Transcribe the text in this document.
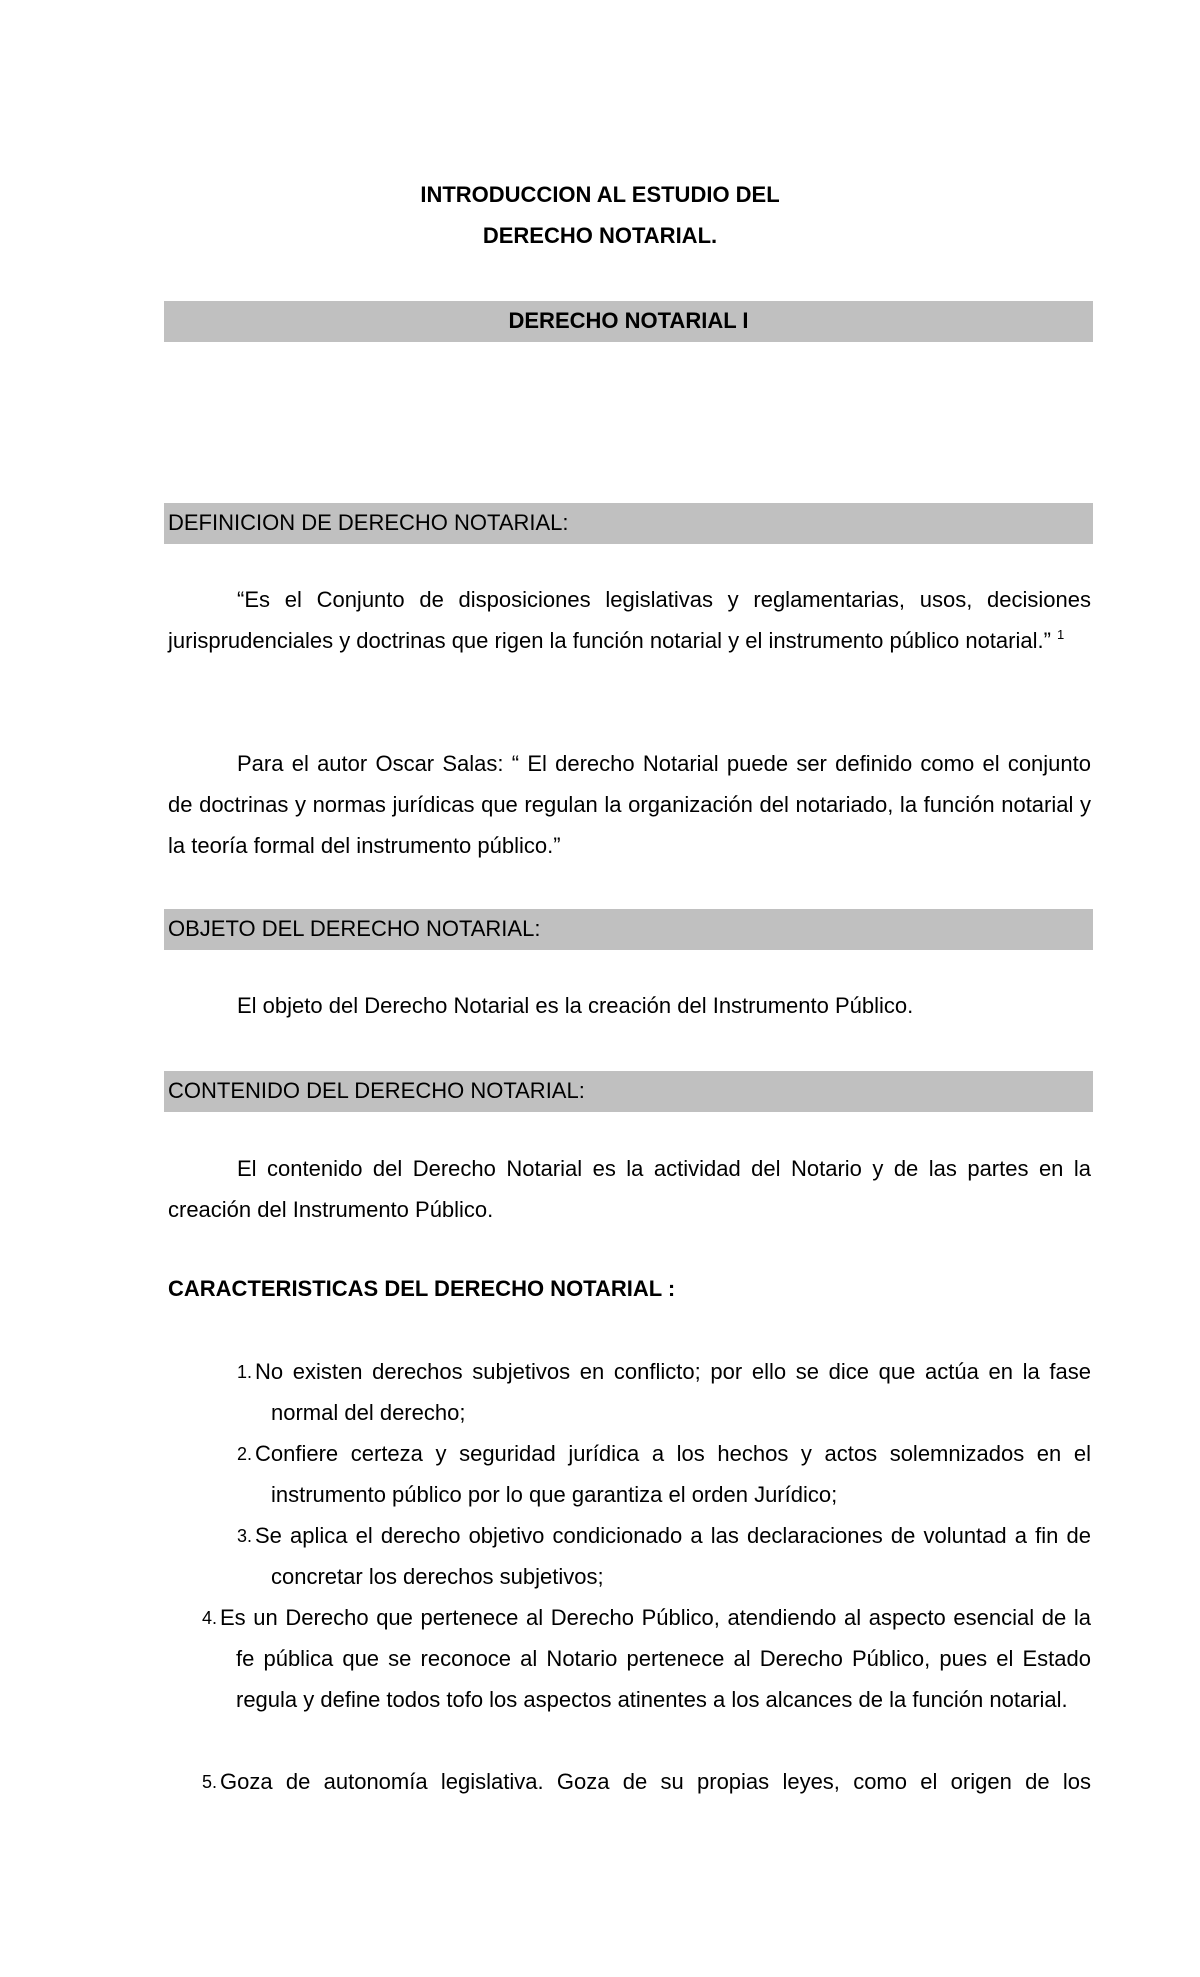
INTRODUCCION AL ESTUDIO DEL
DERECHO NOTARIAL.
DERECHO NOTARIAL I
DEFINICION DE DERECHO NOTARIAL:

“Es el Conjunto de disposiciones legislativas y reglamentarias, usos, decisiones jurisprudenciales y doctrinas que rigen la función notarial y el instrumento público notarial.” $^1$

Para el autor Oscar Salas: “ El derecho Notarial puede ser definido como el conjunto de doctrinas y normas jurídicas que regulan la organización del notariado, la función notarial y la teoría formal del instrumento público.”

OBJETO DEL DERECHO NOTARIAL:

El objeto del Derecho Notarial es la creación del Instrumento Público.

CONTENIDO DEL DERECHO NOTARIAL:

El contenido del Derecho Notarial es la actividad del Notario y de las partes en la creación del Instrumento Público.

CARACTERISTICAS DEL DERECHO NOTARIAL :
1. No existen derechos subjetivos en conflicto; por ello se dice que actúa en la fase normal del derecho;
2. Confiere certeza y seguridad jurídica a los hechos y actos solemnizados en el instrumento público por lo que garantiza el orden Jurídico;
3. Se aplica el derecho objetivo condicionado a las declaraciones de voluntad a fin de concretar los derechos subjetivos;
4. Es un Derecho que pertenece al Derecho Público, atendiendo al aspecto esencial de la fe pública que se reconoce al Notario pertenece al Derecho Público, pues el Estado regula y define todos tofo los aspectos atinentes a los alcances de la función notarial.
5. Goza de autonomía legislativa. Goza de su propias leyes, como el origen de los
